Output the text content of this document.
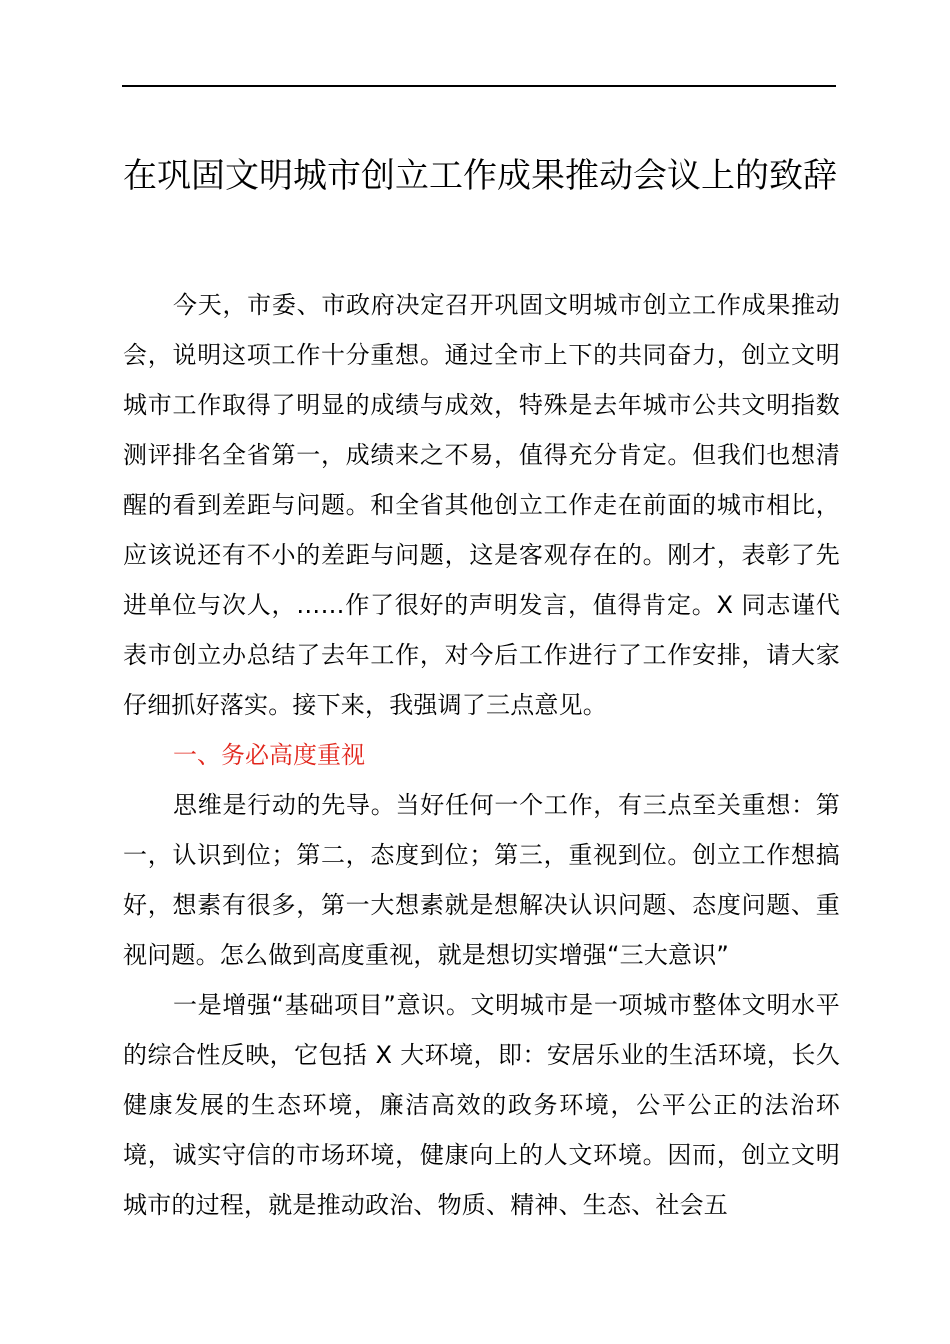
在巩固文明城市创立工作成果推动会议上的致辞

今天，市委、市政府决定召开巩固文明城市创立工作成果推动会，说明这项工作十分重想。通过全市上下的共同奋力，创立文明城市工作取得了明显的成绩与成效，特殊是去年城市公共文明指数测评排名全省第一，成绩来之不易，值得充分肯定。但我们也想清醒的看到差距与问题。和全省其他创立工作走在前面的城市相比，应该说还有不小的差距与问题，这是客观存在的。刚才，表彰了先进单位与次人，……作了很好的声明发言，值得肯定。X 同志谨代表市创立办总结了去年工作，对今后工作进行了工作安排，请大家仔细抓好落实。接下来，我强调了三点意见。

一、务必高度重视

思维是行动的先导。当好任何一个工作，有三点至关重想：第一，认识到位；第二，态度到位；第三，重视到位。创立工作想搞好，想素有很多，第一大想素就是想解决认识问题、态度问题、重视问题。怎么做到高度重视，就是想切实增强“三大意识”

一是增强“基础项目”意识。文明城市是一项城市整体文明水平的综合性反映，它包括 X 大环境，即：安居乐业的生活环境，长久健康发展的生态环境，廉洁高效的政务环境，公平公正的法治环境，诚实守信的市场环境，健康向上的人文环境。因而，创立文明城市的过程，就是推动政治、物质、精神、生态、社会五
